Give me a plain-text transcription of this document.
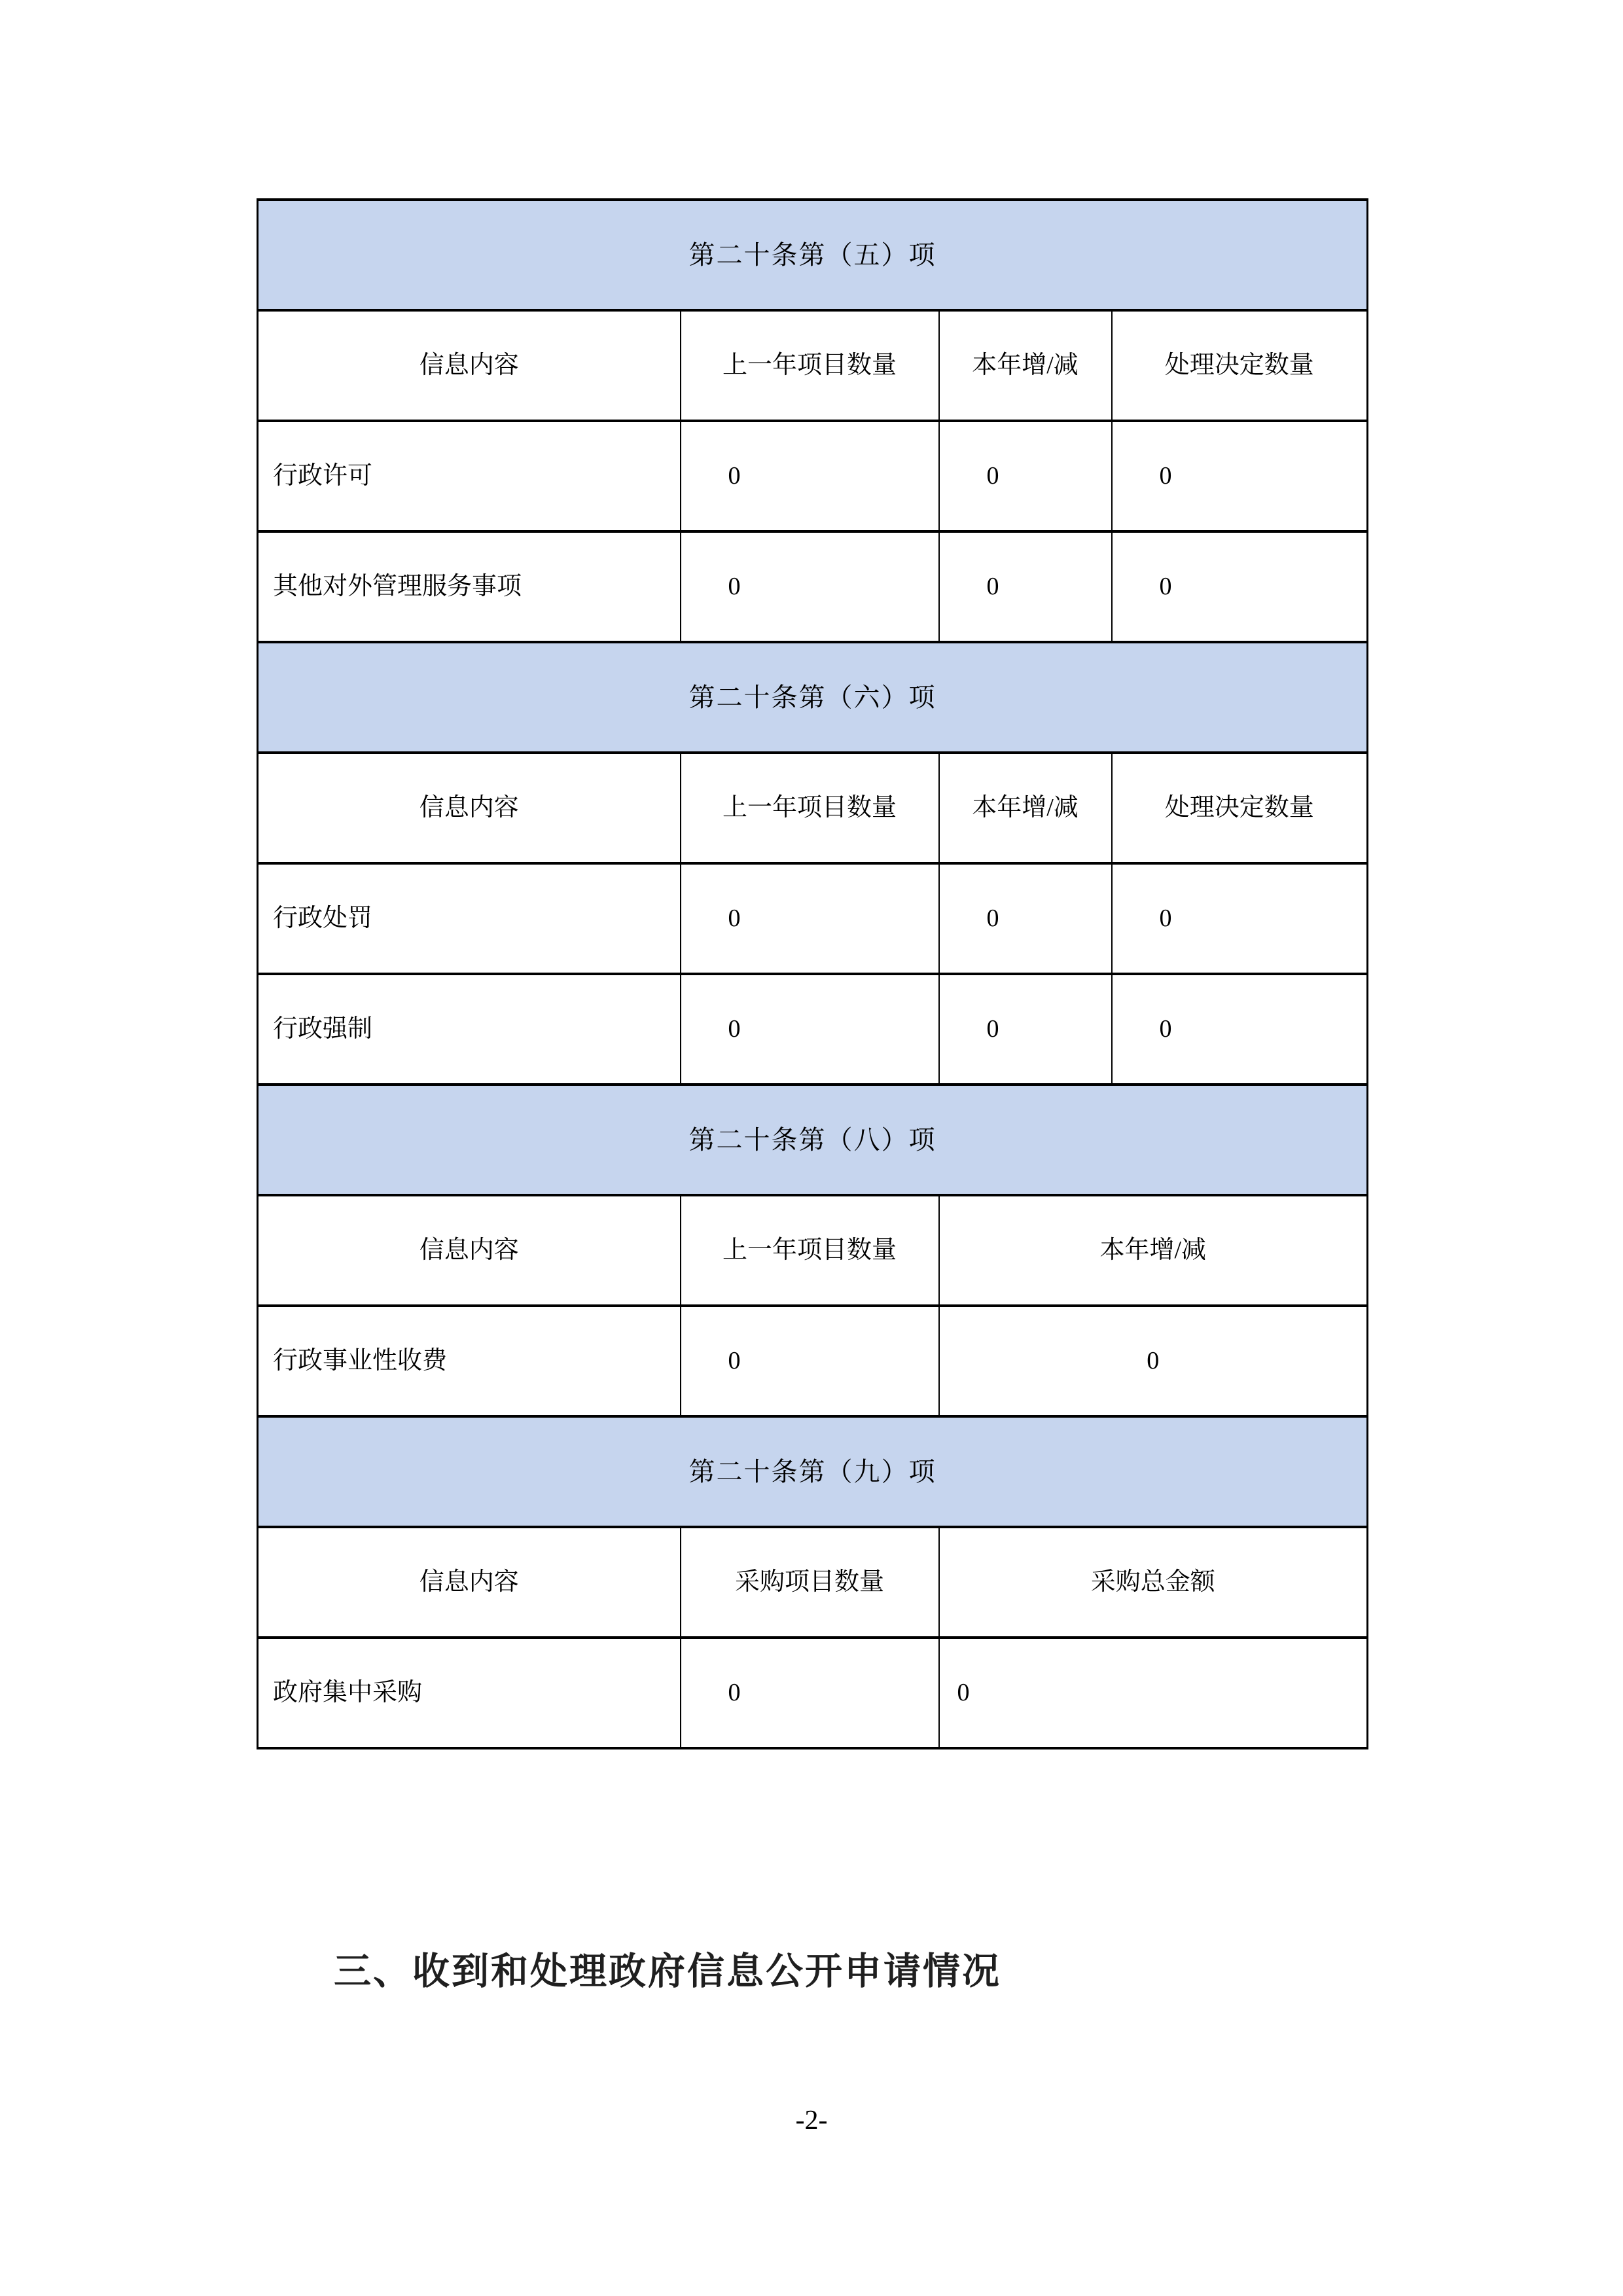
第二十条第（五）项			
信息内容	上一年项目数量	本年增/减	处理决定数量
行政许可	0	0	0
其他对外管理服务事项	0	0	0
第二十条第（六）项			
信息内容	上一年项目数量	本年增/减	处理决定数量
行政处罚	0	0	0
行政强制	0	0	0
第二十条第（八）项			
信息内容	上一年项目数量	本年增/减	
行政事业性收费	0	0	
第二十条第（九）项			
信息内容	采购项目数量	采购总金额	
政府集中采购	0	0	
三、收到和处理政府信息公开申请情况
-2-
